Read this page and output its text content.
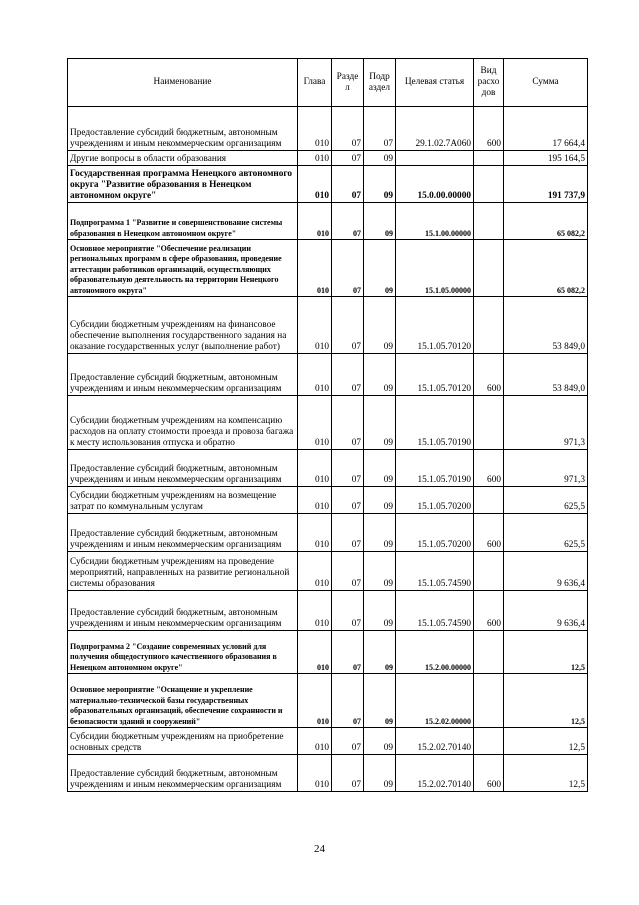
Наименование	Глава	Разде л	Подр аздел	Целевая статья	Вид расхо дов	Сумма
Предоставление субсидий бюджетным, автономным учреждениям и иным некоммерческим организациям	010	07	07	29.1.02.7А060	600	17 664,4
Другие вопросы в области образования	010	07	09			195 164,5
Государственная программа Ненецкого автономного округа "Развитие образования в Ненецком автономном округе"	010	07	09	15.0.00.00000		191 737,9
Подпрограмма 1 "Развитие и совершенствование системы образования в Ненецком автономном округе"	010	07	09	15.1.00.00000		65 082,2
Основное мероприятие "Обеспечение реализации региональных программ в сфере образования, проведение аттестации работников организаций, осуществляющих образовательную деятельность на территории Ненецкого автономного округа"	010	07	09	15.1.05.00000		65 082,2
Субсидии бюджетным учреждениям на финансовое обеспечение выполнения государственного задания на оказание государственных услуг (выполнение работ)	010	07	09	15.1.05.70120		53 849,0
Предоставление субсидий бюджетным, автономным учреждениям и иным некоммерческим организациям	010	07	09	15.1.05.70120	600	53 849,0
Субсидии бюджетным учреждениям на компенсацию расходов на оплату стоимости проезда и провоза багажа к месту использования отпуска и обратно	010	07	09	15.1.05.70190		971,3
Предоставление субсидий бюджетным, автономным учреждениям и иным некоммерческим организациям	010	07	09	15.1.05.70190	600	971,3
Субсидии бюджетным учреждениям на возмещение затрат по коммунальным услугам	010	07	09	15.1.05.70200		625,5
Предоставление субсидий бюджетным, автономным учреждениям и иным некоммерческим организациям	010	07	09	15.1.05.70200	600	625,5
Субсидии бюджетным учреждениям на проведение мероприятий, направленных на развитие региональной системы образования	010	07	09	15.1.05.74590		9 636,4
Предоставление субсидий бюджетным, автономным учреждениям и иным некоммерческим организациям	010	07	09	15.1.05.74590	600	9 636,4
Подпрограмма 2 "Создание современных условий для получения общедоступного качественного образования в Ненецком автономном округе"	010	07	09	15.2.00.00000		12,5
Основное мероприятие "Оснащение и укрепление материально-технической базы государственных образовательных организаций, обеспечение сохранности и безопасности зданий и сооружений"	010	07	09	15.2.02.00000		12,5
Субсидии бюджетным учреждениям на приобретение основных средств	010	07	09	15.2.02.70140		12,5
Предоставление субсидий бюджетным, автономным учреждениям и иным некоммерческим организациям	010	07	09	15.2.02.70140	600	12,5
24
